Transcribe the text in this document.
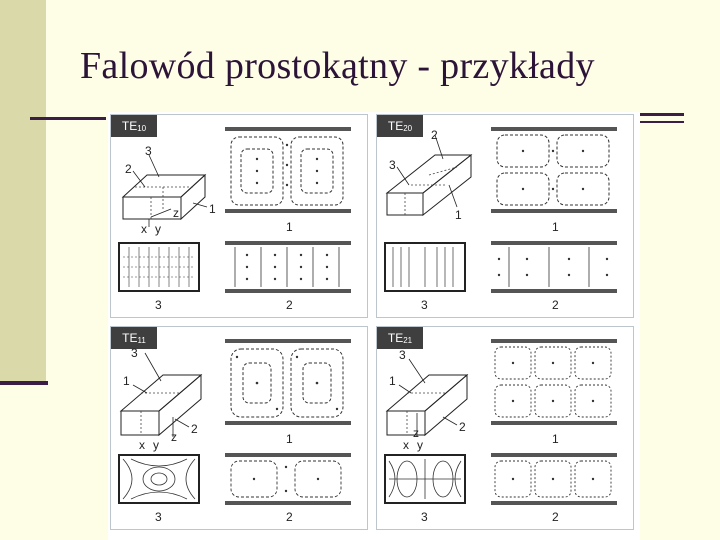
Falowód prostokątny - przykłady
TE10
3
2
1
x y
z
1
3	2
TE20	2
3
1
1
3	2
TE11
3
1
2
x y
z	1
3	2
TE21
3
1
2
x y
z	1
3	2
